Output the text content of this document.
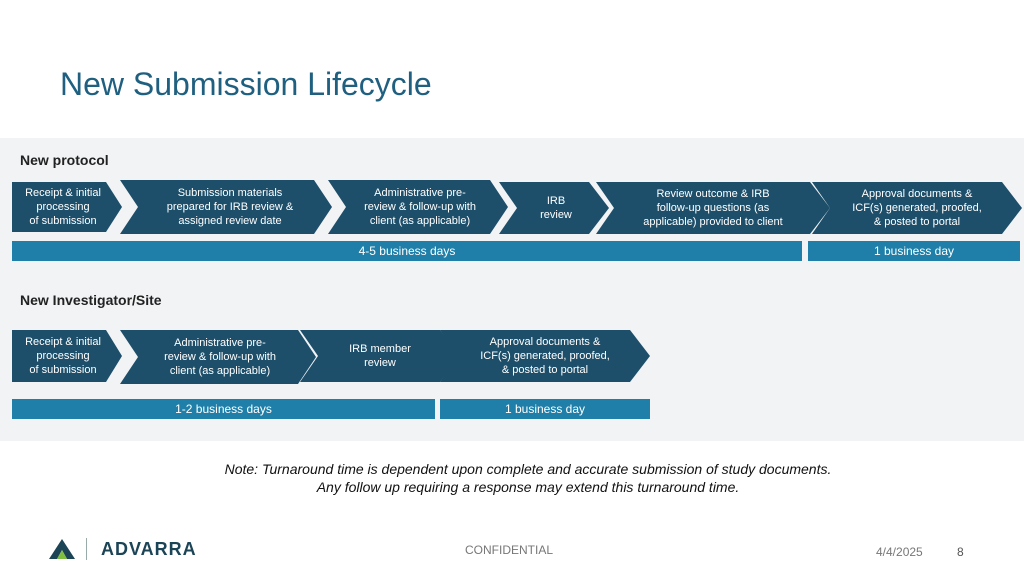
New Submission Lifecycle
New protocol
Receipt & initial
processing
of submission
Submission materials
prepared for IRB review &
assigned review date
Administrative pre-
review & follow-up with
client (as applicable)
IRB
review
Review outcome & IRB
follow-up questions (as
applicable) provided to client
Approval documents &
ICF(s) generated, proofed,
& posted to portal
4-5 business days	1 business day
New Investigator/Site
Receipt & initial
processing
of submission
Administrative pre-
review & follow-up with
client (as applicable)
IRB member
review
Approval documents &
ICF(s) generated, proofed,
& posted to portal
1-2 business days	1 business day
Note: Turnaround time is dependent upon complete and accurate submission of study documents.
Any follow up requiring a response may extend this turnaround time.
ADVARRA	CONFIDENTIAL	4/4/2025	8
